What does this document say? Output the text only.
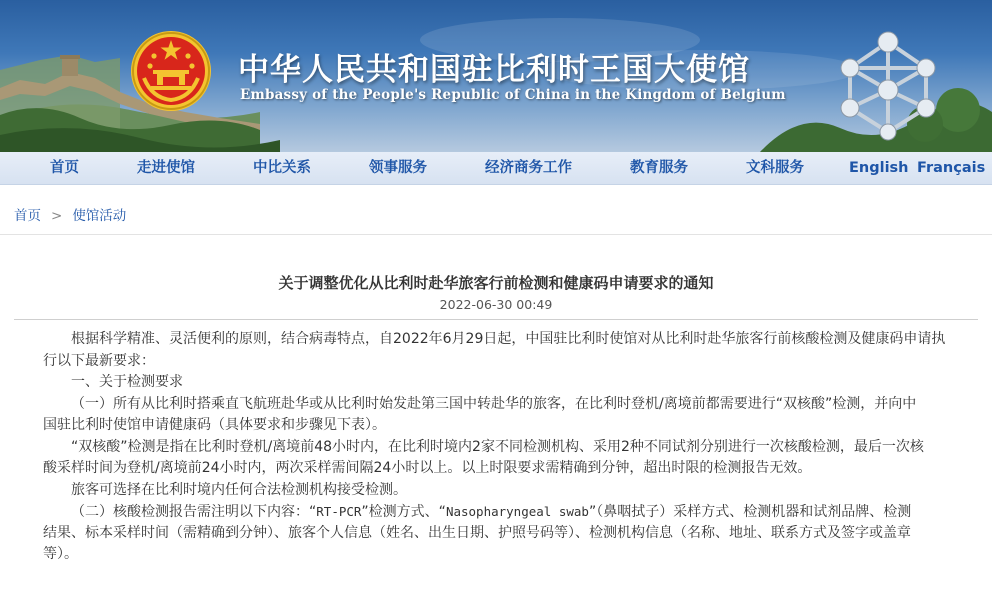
中华人民共和国驻比利时王国大使馆
Embassy of the People's Republic of China in the Kingdom of Belgium
首页	走进使馆	中比关系	领事服务	经济商务工作	教育服务	文科服务	English Français
首页 > 使馆活动
关于调整优化从比利时赴华旅客行前检测和健康码申请要求的通知
2022-06-30 00:49
根据科学精准、灵活便利的原则，结合病毒特点，自2022年6月29日起，中国驻比利时使馆对从比利时赴华旅客行前核酸检测及健康码申请执
行以下最新要求：
一、关于检测要求
（一）所有从比利时搭乘直飞航班赴华或从比利时始发赴第三国中转赴华的旅客，在比利时登机/离境前都需要进行“双核酸”检测，并向中
国驻比利时使馆申请健康码（具体要求和步骤见下表）。
“双核酸”检测是指在比利时登机/离境前48小时内，在比利时境内2家不同检测机构、采用2种不同试剂分别进行一次核酸检测，最后一次核
酸采样时间为登机/离境前24小时内，两次采样需间隔24小时以上。以上时限要求需精确到分钟，超出时限的检测报告无效。
旅客可选择在比利时境内任何合法检测机构接受检测。
（二）核酸检测报告需注明以下内容：“RT-PCR”检测方式、“Nasopharyngeal swab”（鼻咽拭子）采样方式、检测机器和试剂品牌、检测
结果、标本采样时间（需精确到分钟）、旅客个人信息（姓名、出生日期、护照号码等）、检测机构信息（名称、地址、联系方式及签字或盖章
等）。
